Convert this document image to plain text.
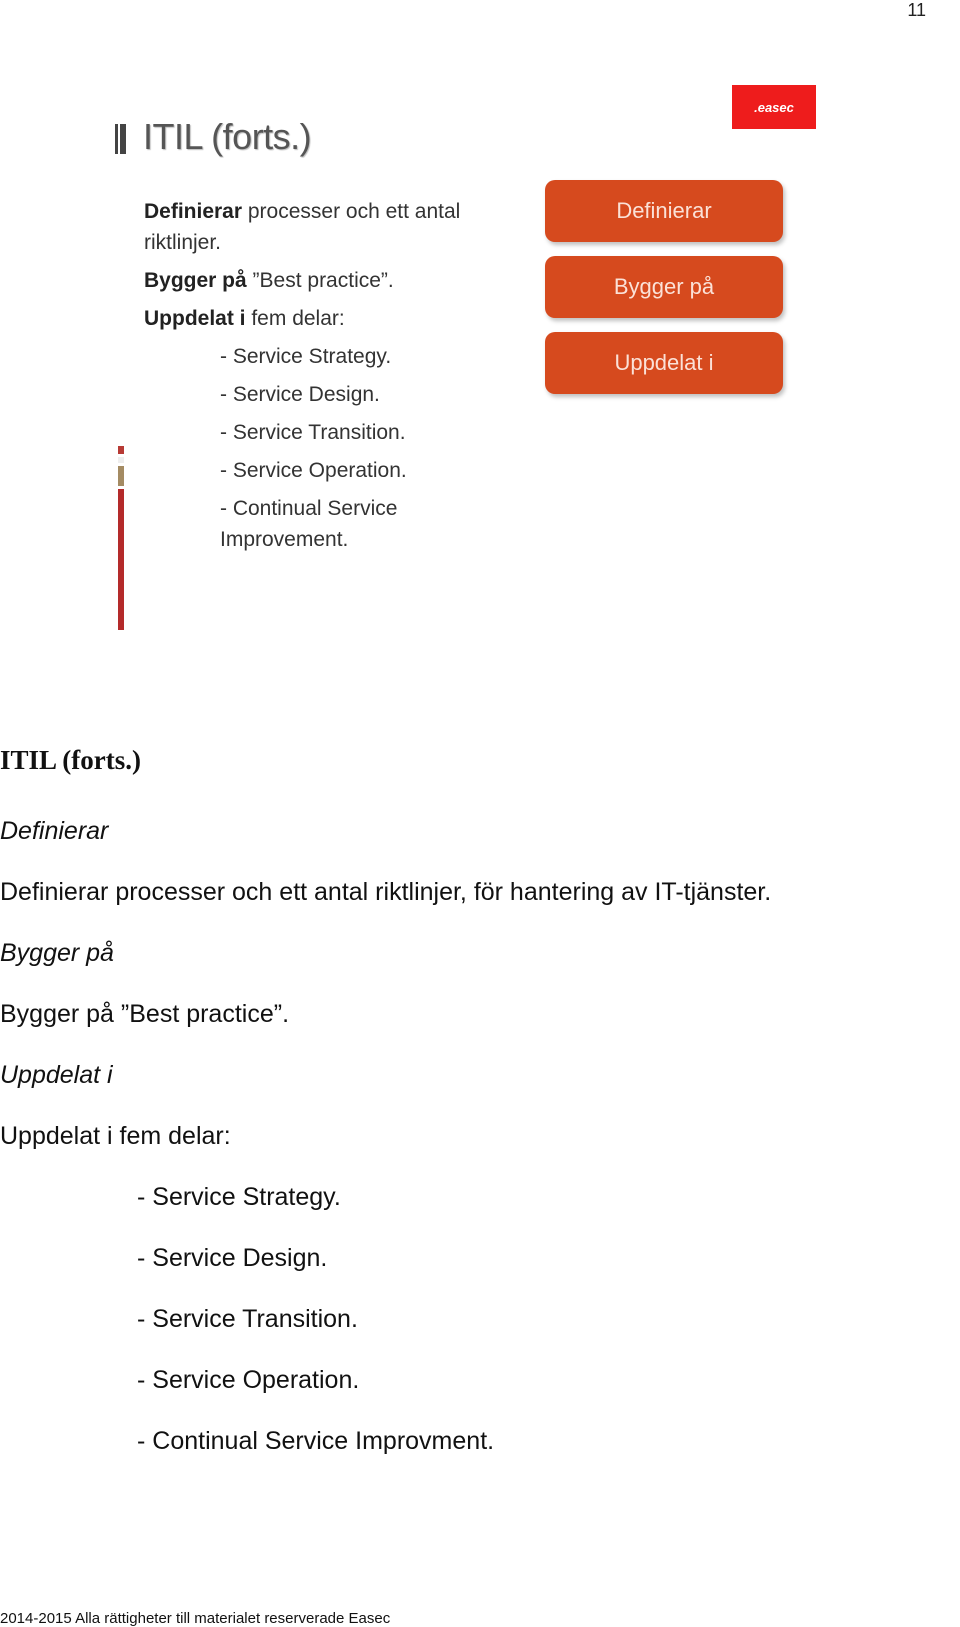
11
ITIL (forts.)
.easec

Definierar processer och ett antal riktlinjer.

Bygger på ”Best practice”.

Uppdelat i fem delar:

- Service Strategy.
- Service Design.
- Service Transition.
- Service Operation.
- Continual Service Improvement.
Definierar
Bygger på
Uppdelat i
ITIL (forts.)
Definierar
Definierar processer och ett antal riktlinjer, för hantering av IT-tjänster.
Bygger på
Bygger på ”Best practice”.
Uppdelat i
Uppdelat i fem delar:
- Service Strategy.
- Service Design.
- Service Transition.
- Service Operation.
- Continual Service Improvment.
2014-2015 Alla rättigheter till materialet reserverade Easec
